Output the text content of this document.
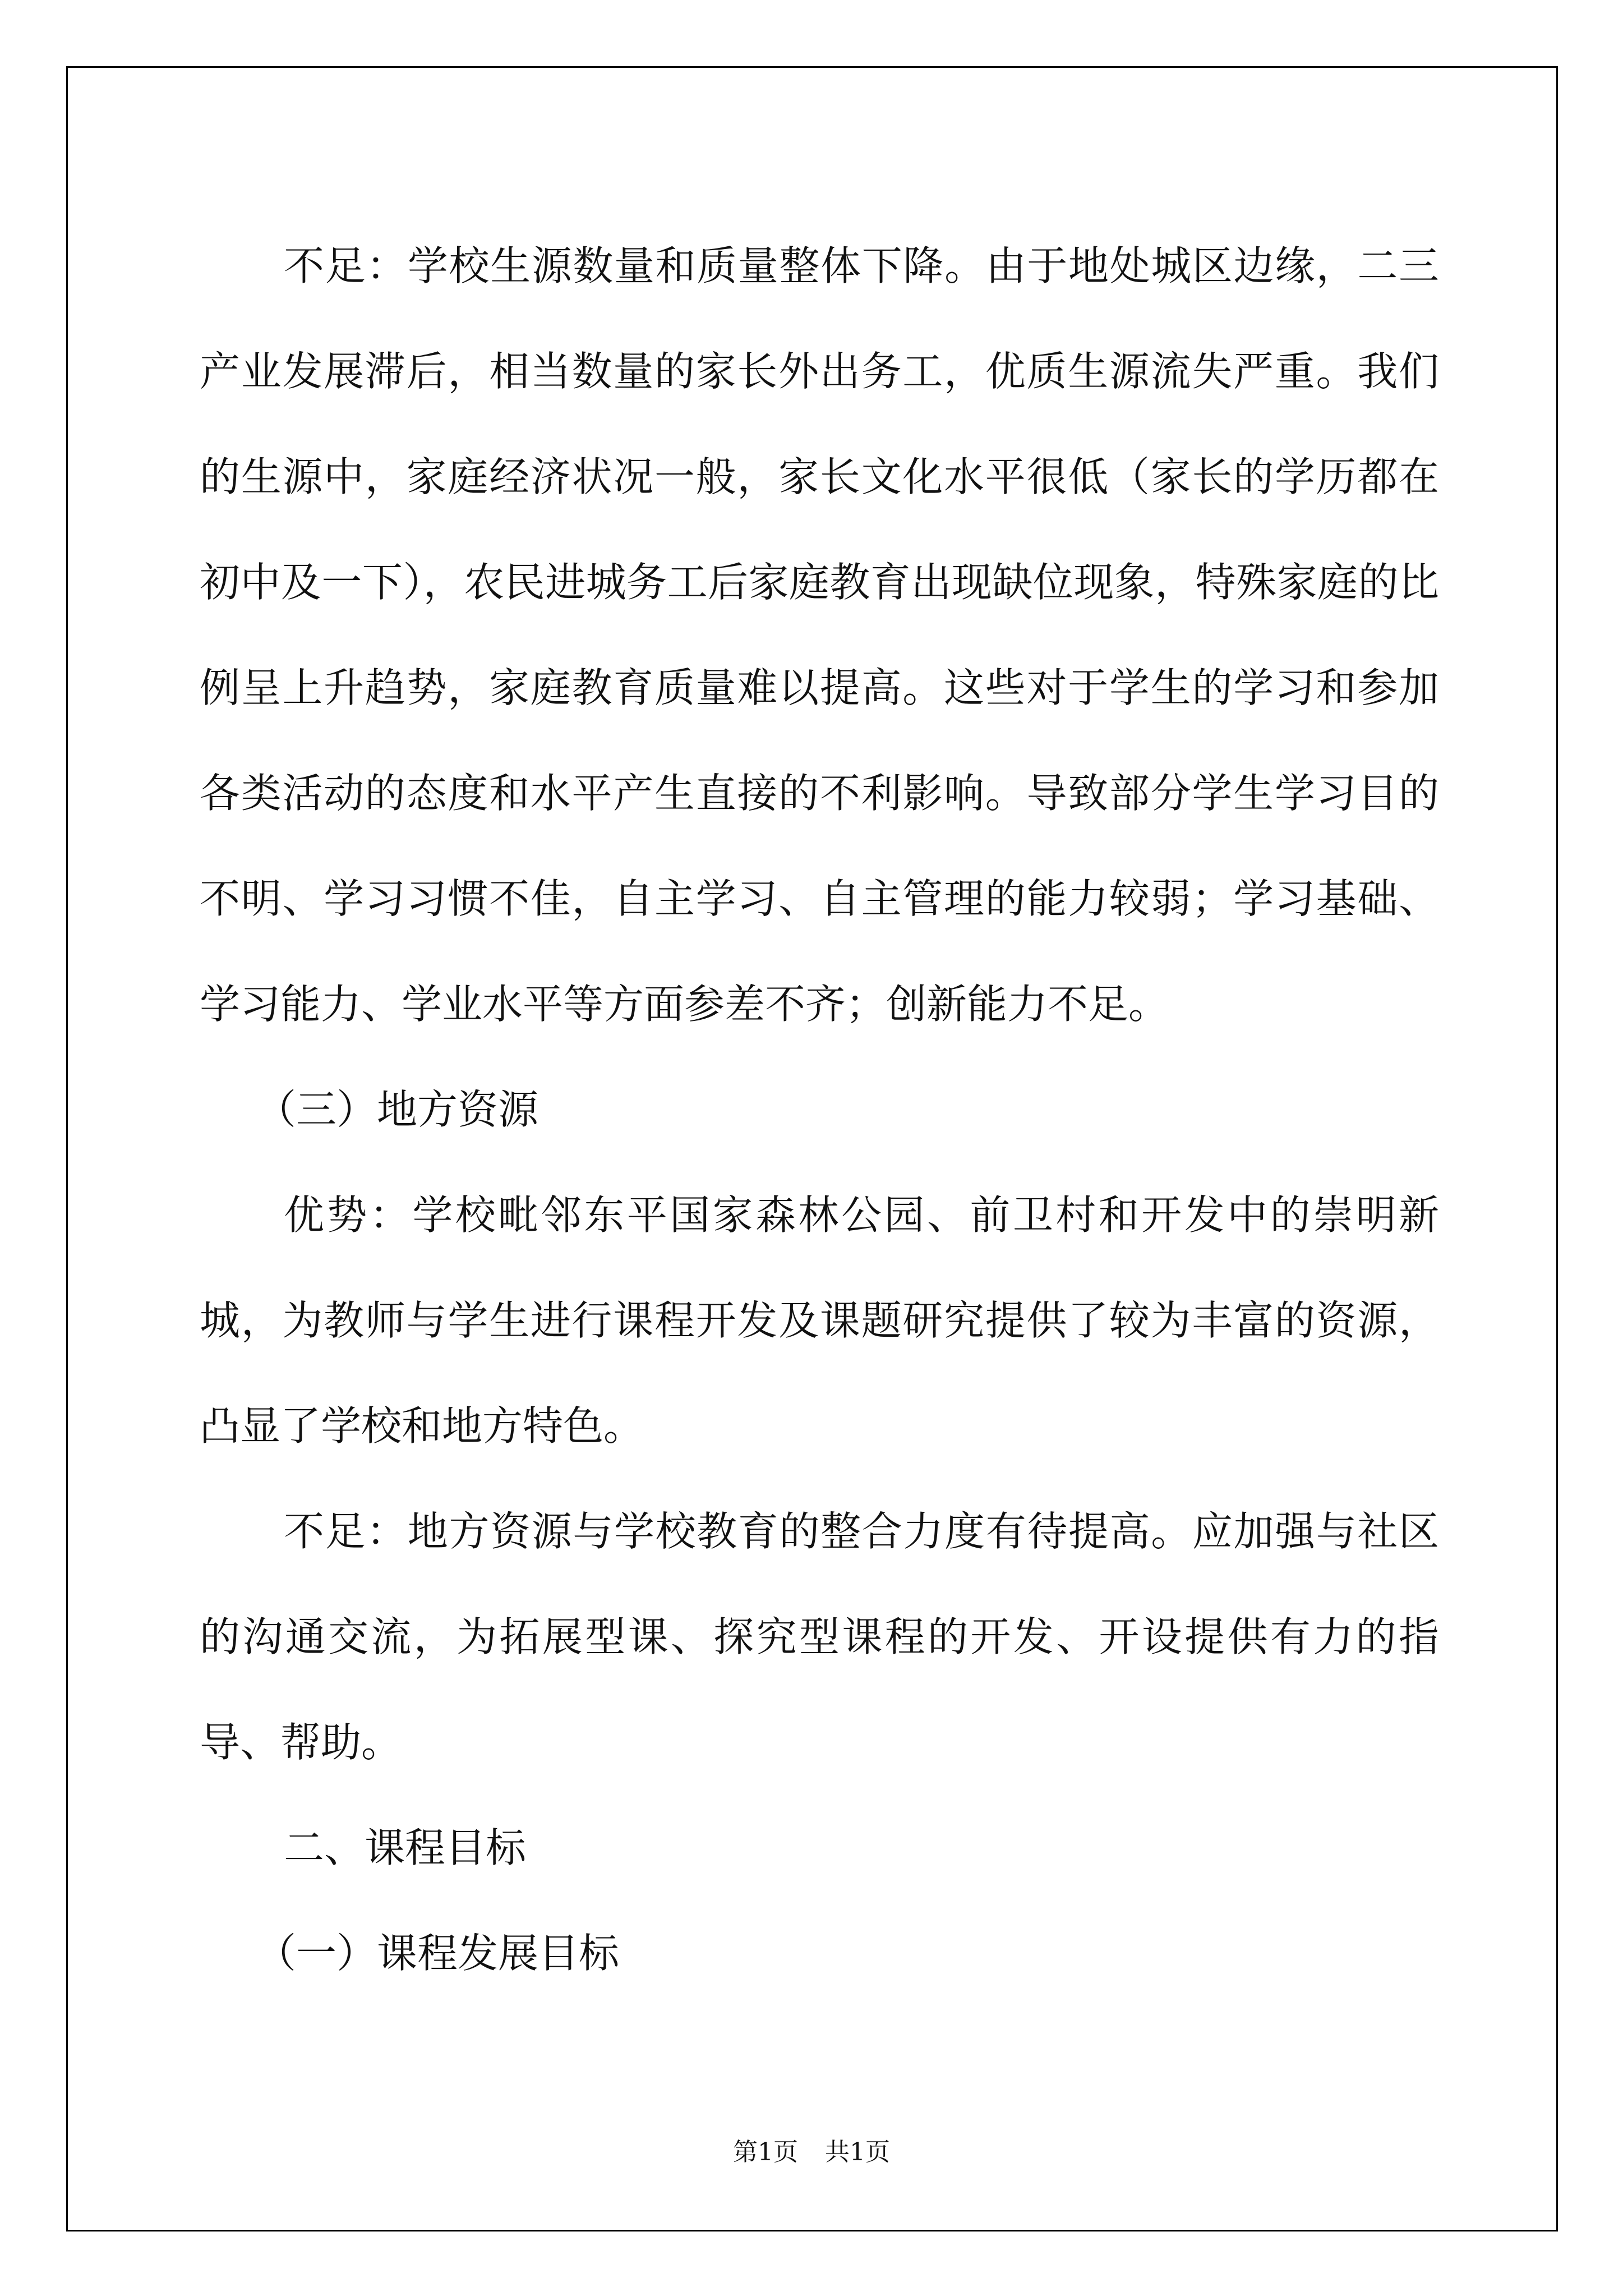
不足：学校生源数量和质量整体下降。由于地处城区边缘，二三产业发展滞后，相当数量的家长外出务工，优质生源流失严重。我们的生源中，家庭经济状况一般，家长文化水平很低（家长的学历都在初中及一下），农民进城务工后家庭教育出现缺位现象，特殊家庭的比例呈上升趋势，家庭教育质量难以提高。这些对于学生的学习和参加各类活动的态度和水平产生直接的不利影响。导致部分学生学习目的不明、学习习惯不佳，自主学习、自主管理的能力较弱；学习基础、学习能力、学业水平等方面参差不齐；创新能力不足。

（三）地方资源

优势：学校毗邻东平国家森林公园、前卫村和开发中的崇明新城，为教师与学生进行课程开发及课题研究提供了较为丰富的资源，凸显了学校和地方特色。

不足：地方资源与学校教育的整合力度有待提高。应加强与社区的沟通交流，为拓展型课、探究型课程的开发、开设提供有力的指导、帮助。

二、课程目标

（一）课程发展目标

第1页 共1页
